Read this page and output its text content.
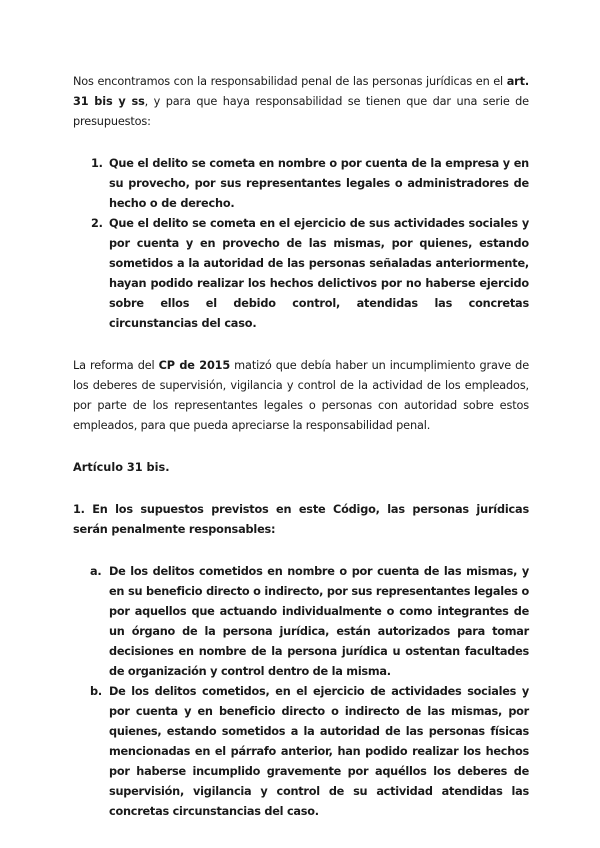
Nos encontramos con la responsabilidad penal de las personas jurídicas en el art. 31 bis y ss, y para que haya responsabilidad se tienen que dar una serie de presupuestos:

1. Que el delito se cometa en nombre o por cuenta de la empresa y en su provecho, por sus representantes legales o administradores de hecho o de derecho.
2. Que el delito se cometa en el ejercicio de sus actividades sociales y por cuenta y en provecho de las mismas, por quienes, estando sometidos a la autoridad de las personas señaladas anteriormente, hayan podido realizar los hechos delictivos por no haberse ejercido sobre ellos el debido control, atendidas las concretas circunstancias del caso.

La reforma del CP de 2015 matizó que debía haber un incumplimiento grave de los deberes de supervisión, vigilancia y control de la actividad de los empleados, por parte de los representantes legales o personas con autoridad sobre estos empleados, para que pueda apreciarse la responsabilidad penal.

Artículo 31 bis.

1. En los supuestos previstos en este Código, las personas jurídicas serán penalmente responsables:

a. De los delitos cometidos en nombre o por cuenta de las mismas, y en su beneficio directo o indirecto, por sus representantes legales o por aquellos que actuando individualmente o como integrantes de un órgano de la persona jurídica, están autorizados para tomar decisiones en nombre de la persona jurídica u ostentan facultades de organización y control dentro de la misma.
b. De los delitos cometidos, en el ejercicio de actividades sociales y por cuenta y en beneficio directo o indirecto de las mismas, por quienes, estando sometidos a la autoridad de las personas físicas mencionadas en el párrafo anterior, han podido realizar los hechos por haberse incumplido gravemente por aquéllos los deberes de supervisión, vigilancia y control de su actividad atendidas las concretas circunstancias del caso.
